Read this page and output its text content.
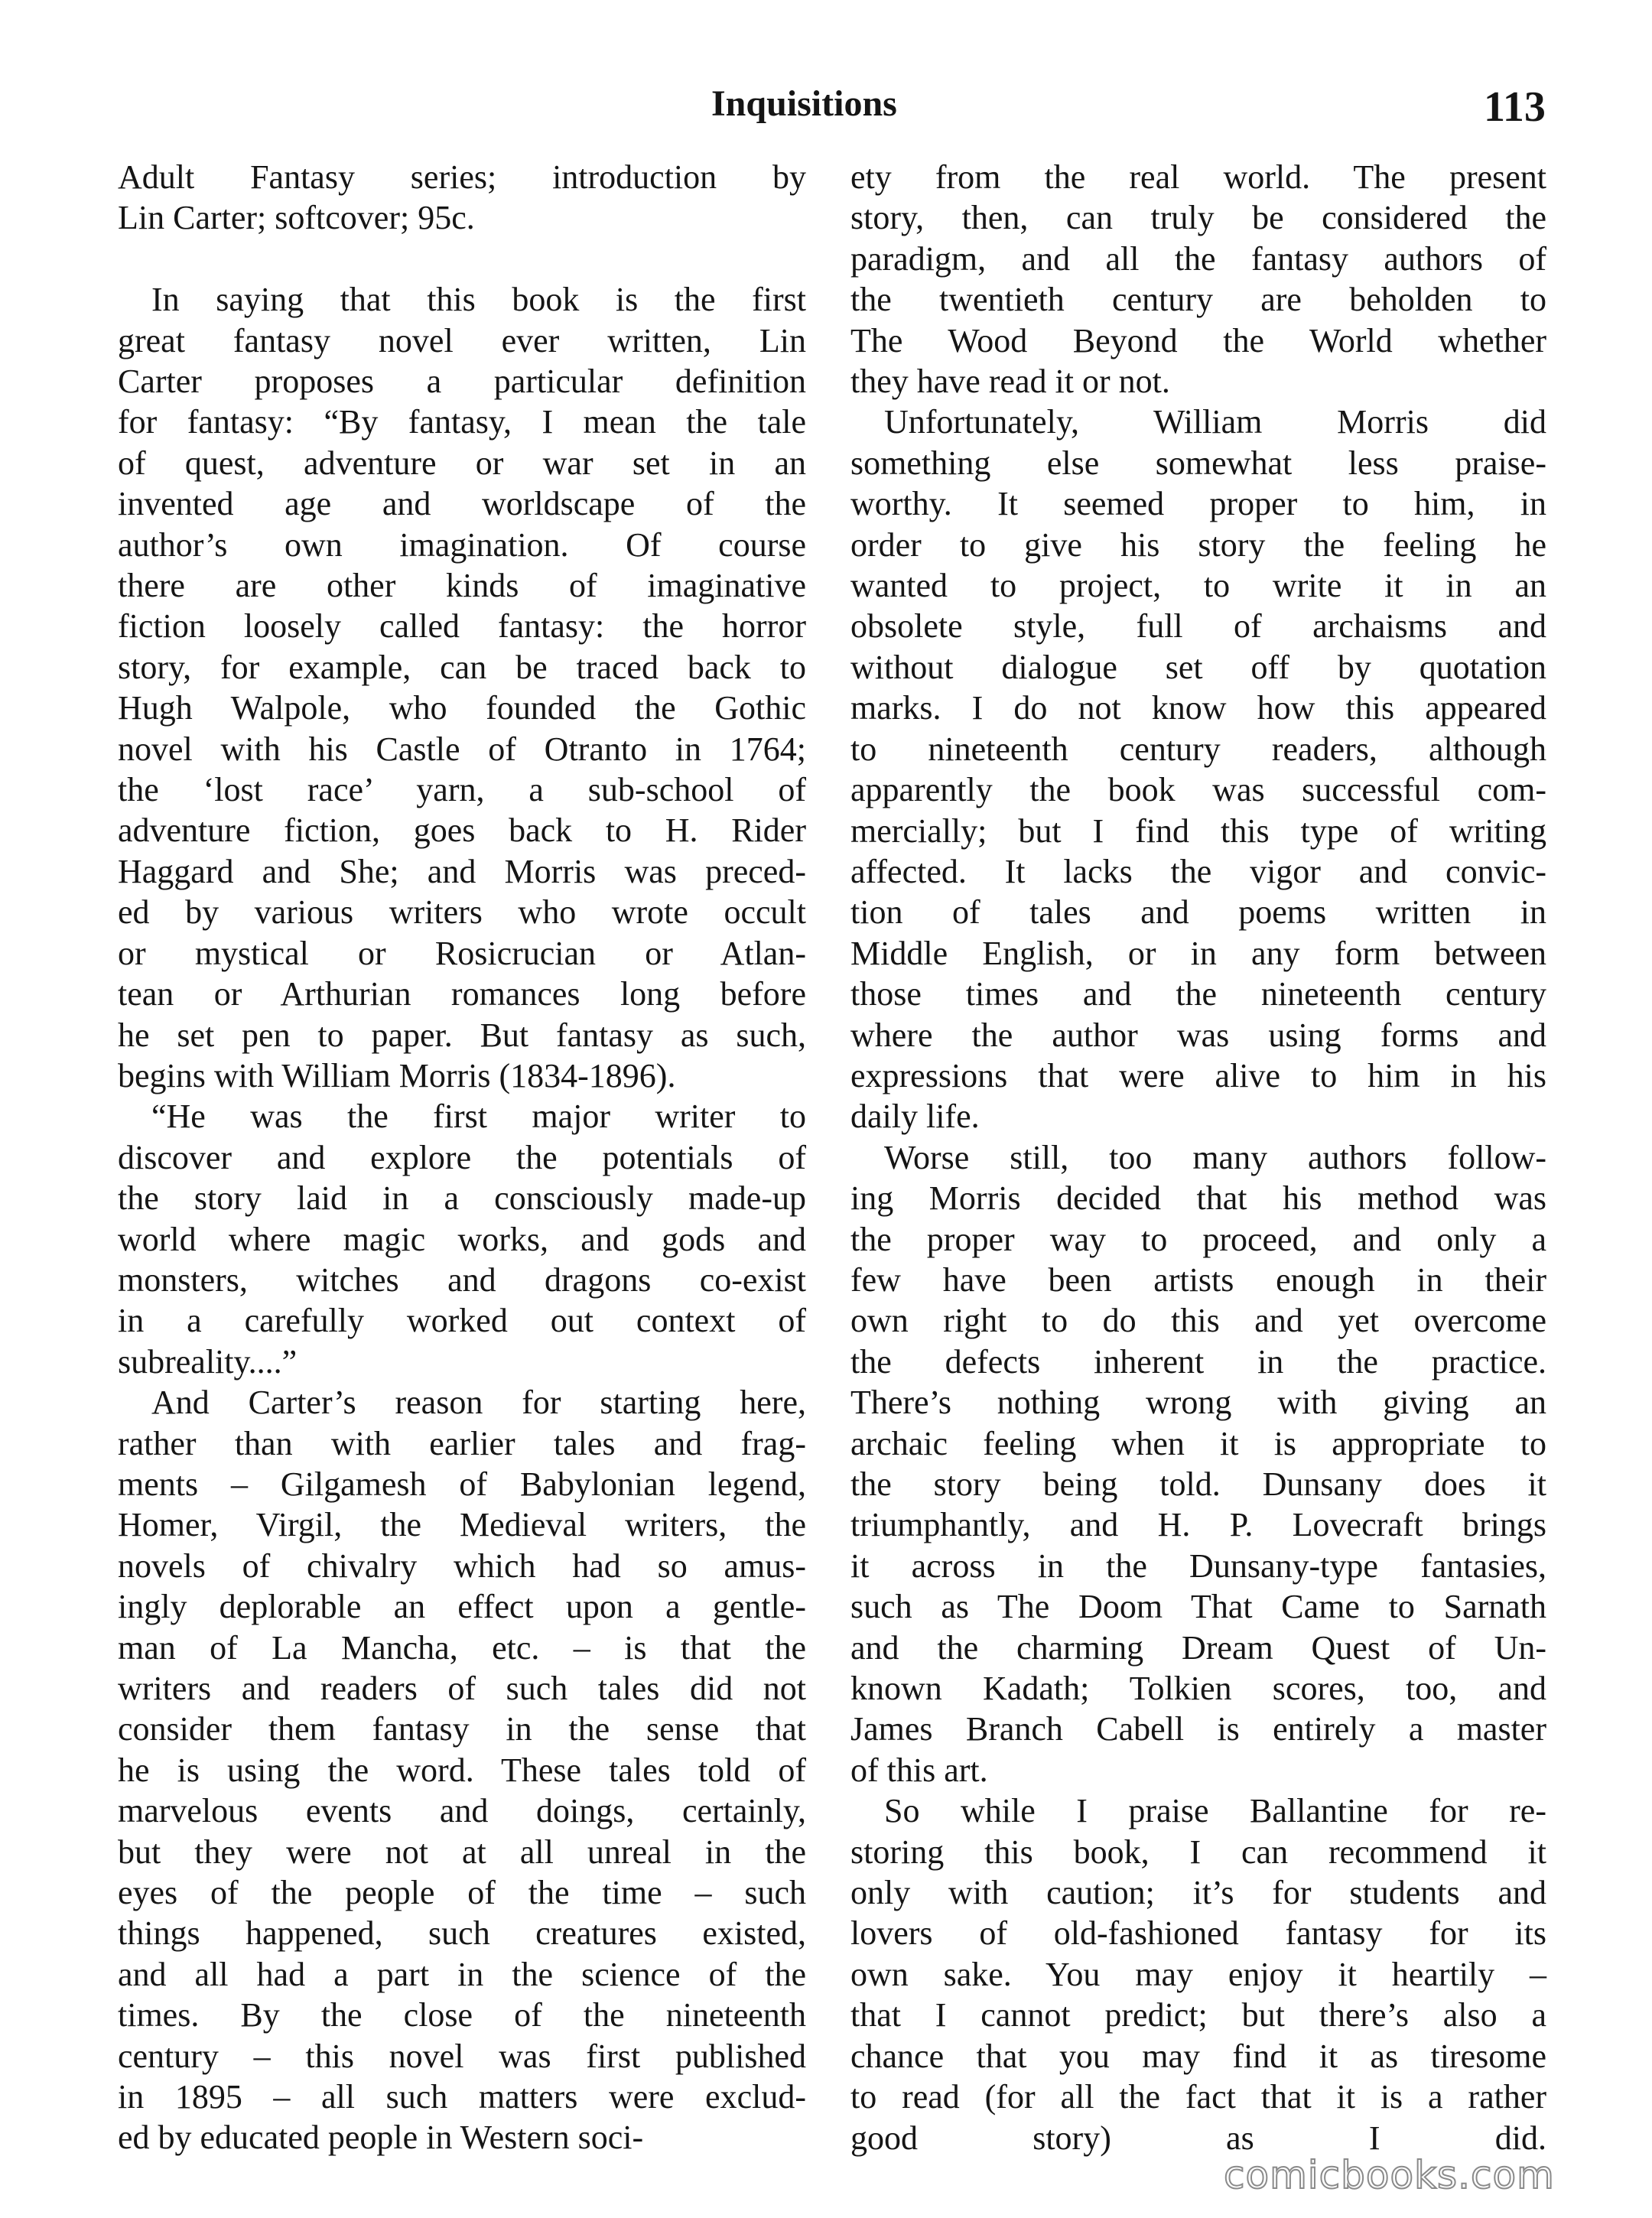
Inquisitions	113
Adult Fantasy series; introduction by
Lin Carter; softcover; 95c.
In saying that this book is the first
great fantasy novel ever written, Lin
Carter proposes a particular definition
for fantasy: “By fantasy, I mean the tale
of quest, adventure or war set in an
invented age and worldscape of the
author’s own imagination. Of course
there are other kinds of imaginative
fiction loosely called fantasy: the horror
story, for example, can be traced back to
Hugh Walpole, who founded the Gothic
novel with his Castle of Otranto in 1764;
the ‘lost race’ yarn, a sub-school of
adventure fiction, goes back to H. Rider
Haggard and She; and Morris was preced-
ed by various writers who wrote occult
or mystical or Rosicrucian or Atlan-
tean or Arthurian romances long before
he set pen to paper. But fantasy as such,
begins with William Morris (1834-1896).
“He was the first major writer to
discover and explore the potentials of
the story laid in a consciously made-up
world where magic works, and gods and
monsters, witches and dragons co-exist
in a carefully worked out context of
subreality....”
And Carter’s reason for starting here,
rather than with earlier tales and frag-
ments – Gilgamesh of Babylonian legend,
Homer, Virgil, the Medieval writers, the
novels of chivalry which had so amus-
ingly deplorable an effect upon a gentle-
man of La Mancha, etc. – is that the
writers and readers of such tales did not
consider them fantasy in the sense that
he is using the word. These tales told of
marvelous events and doings, certainly,
but they were not at all unreal in the
eyes of the people of the time – such
things happened, such creatures existed,
and all had a part in the science of the
times. By the close of the nineteenth
century – this novel was first published
in 1895 – all such matters were exclud-
ed by educated people in Western soci-
ety from the real world. The present
story, then, can truly be considered the
paradigm, and all the fantasy authors of
the twentieth century are beholden to
The Wood Beyond the World whether
they have read it or not.
Unfortunately, William Morris did
something else somewhat less praise-
worthy. It seemed proper to him, in
order to give his story the feeling he
wanted to project, to write it in an
obsolete style, full of archaisms and
without dialogue set off by quotation
marks. I do not know how this appeared
to nineteenth century readers, although
apparently the book was successful com-
mercially; but I find this type of writing
affected. It lacks the vigor and convic-
tion of tales and poems written in
Middle English, or in any form between
those times and the nineteenth century
where the author was using forms and
expressions that were alive to him in his
daily life.
Worse still, too many authors follow-
ing Morris decided that his method was
the proper way to proceed, and only a
few have been artists enough in their
own right to do this and yet overcome
the defects inherent in the practice.
There’s nothing wrong with giving an
archaic feeling when it is appropriate to
the story being told. Dunsany does it
triumphantly, and H. P. Lovecraft brings
it across in the Dunsany-type fantasies,
such as The Doom That Came to Sarnath
and the charming Dream Quest of Un-
known Kadath; Tolkien scores, too, and
James Branch Cabell is entirely a master
of this art.
So while I praise Ballantine for re-
storing this book, I can recommend it
only with caution; it’s for students and
lovers of old-fashioned fantasy for its
own sake. You may enjoy it heartily –
that I cannot predict; but there’s also a
chance that you may find it as tiresome
to read (for all the fact that it is a rather
good story) as I did.
comicbooks.com
